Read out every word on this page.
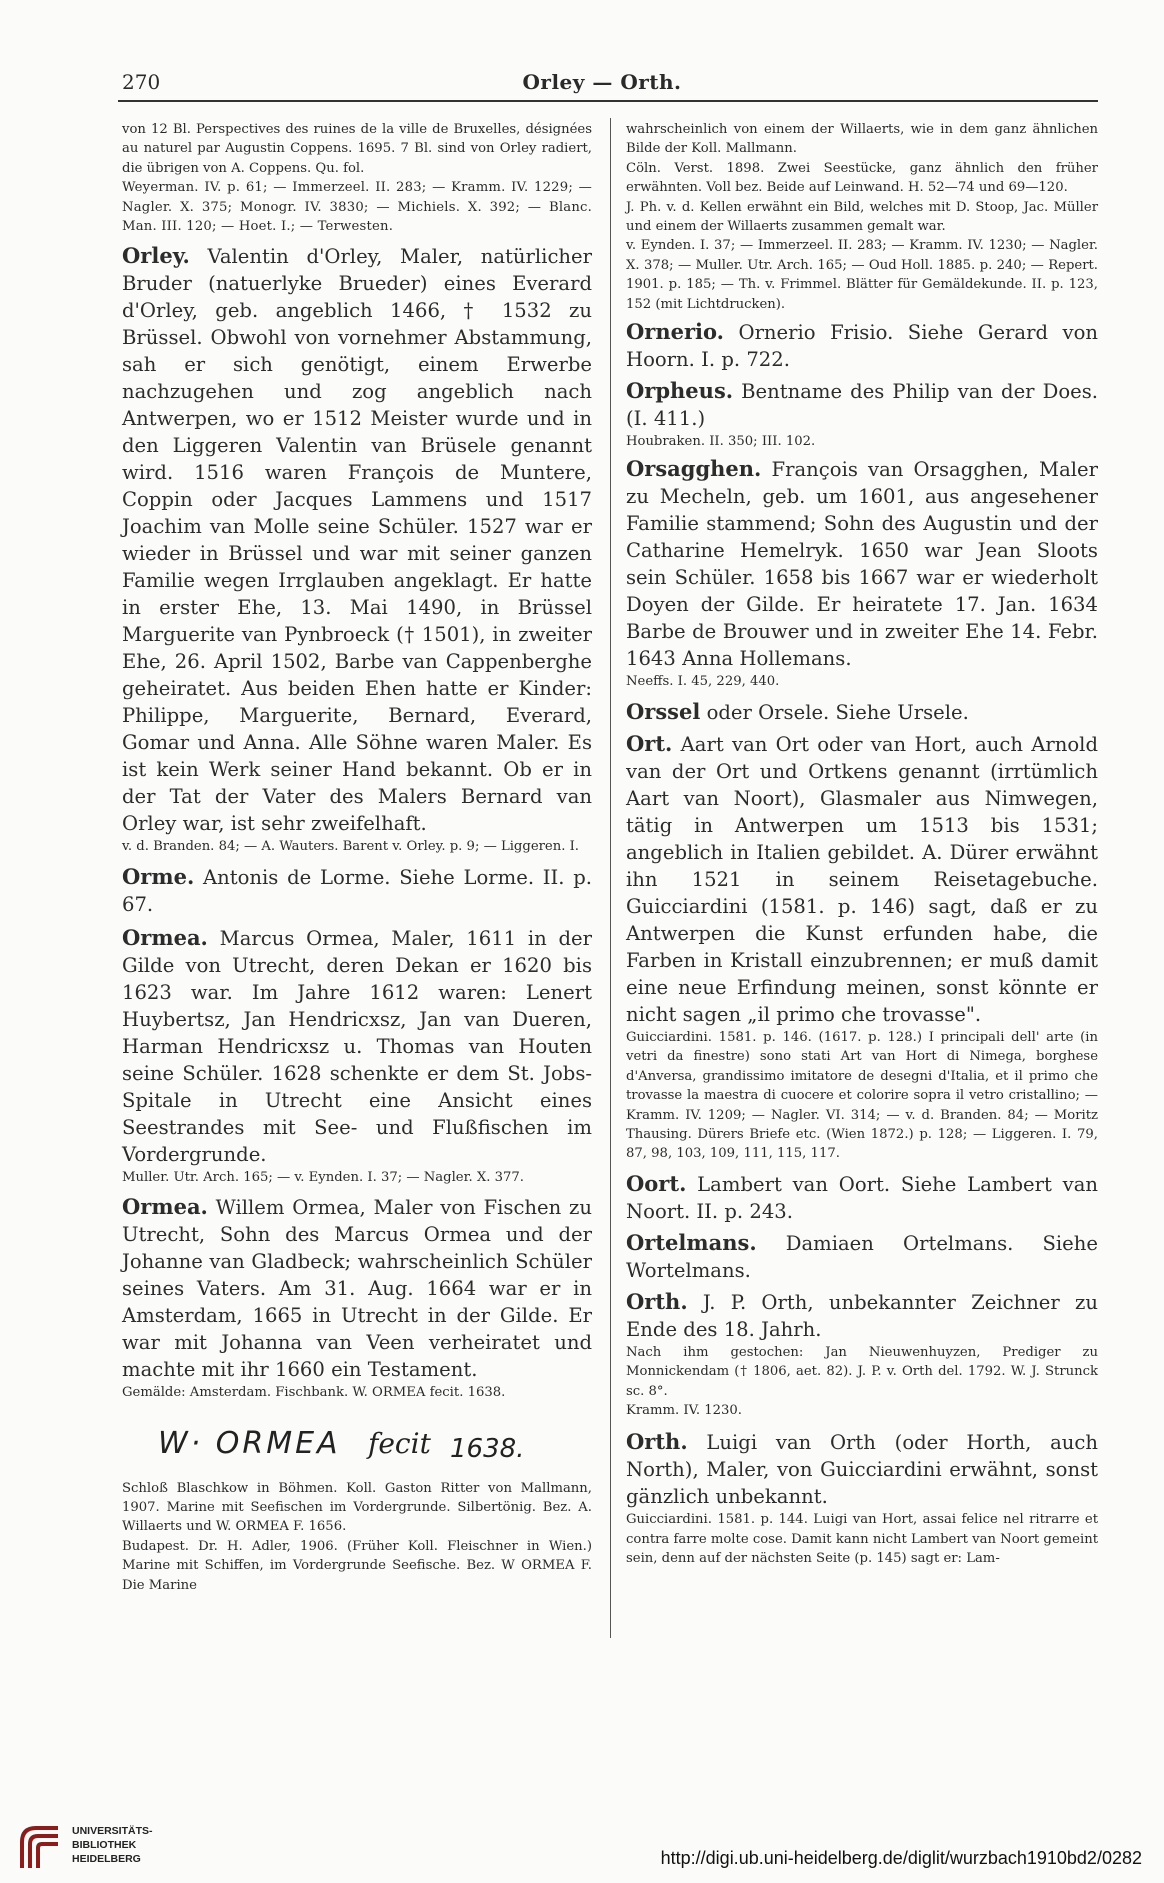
270	Orley — Orth.

von 12 Bl. Perspectives des ruines de la ville de Bruxelles, désignées au naturel par Augustin Coppens. 1695. 7 Bl. sind von Orley radiert, die übrigen von A. Coppens. Qu. fol.

Weyerman. IV. p. 61; — Immerzeel. II. 283; — Kramm. IV. 1229; — Nagler. X. 375; Monogr. IV. 3830; — Michiels. X. 392; — Blanc. Man. III. 120; — Hoet. I.; — Terwesten.

Orley. Valentin d'Orley, Maler, natürlicher Bruder (natuerlyke Brueder) eines Everard d'Orley, geb. angeblich 1466, † 1532 zu Brüssel. Obwohl von vornehmer Abstammung, sah er sich genötigt, einem Erwerbe nachzugehen und zog angeblich nach Antwerpen, wo er 1512 Meister wurde und in den Liggeren Valentin van Brüsele genannt wird. 1516 waren François de Muntere, Coppin oder Jacques Lammens und 1517 Joachim van Molle seine Schüler. 1527 war er wieder in Brüssel und war mit seiner ganzen Familie wegen Irrglauben angeklagt. Er hatte in erster Ehe, 13. Mai 1490, in Brüssel Marguerite van Pynbroeck († 1501), in zweiter Ehe, 26. April 1502, Barbe van Cappenberghe geheiratet. Aus beiden Ehen hatte er Kinder: Philippe, Marguerite, Bernard, Everard, Gomar und Anna. Alle Söhne waren Maler. Es ist kein Werk seiner Hand bekannt. Ob er in der Tat der Vater des Malers Bernard van Orley war, ist sehr zweifelhaft.

v. d. Branden. 84; — A. Wauters. Barent v. Orley. p. 9; — Liggeren. I.

Orme. Antonis de Lorme. Siehe Lorme. II. p. 67.

Ormea. Marcus Ormea, Maler, 1611 in der Gilde von Utrecht, deren Dekan er 1620 bis 1623 war. Im Jahre 1612 waren: Lenert Huybertsz, Jan Hendricxsz, Jan van Dueren, Harman Hendricxsz u. Thomas van Houten seine Schüler. 1628 schenkte er dem St. Jobs-Spitale in Utrecht eine Ansicht eines Seestrandes mit See- und Flußfischen im Vordergrunde.

Muller. Utr. Arch. 165; — v. Eynden. I. 37; — Nagler. X. 377.

Ormea. Willem Ormea, Maler von Fischen zu Utrecht, Sohn des Marcus Ormea und der Johanne van Gladbeck; wahrscheinlich Schüler seines Vaters. Am 31. Aug. 1664 war er in Amsterdam, 1665 in Utrecht in der Gilde. Er war mit Johanna van Veen verheiratet und machte mit ihr 1660 ein Testament.

Gemälde: Amsterdam. Fischbank. W. ORMEA fecit. 1638.

W· ORMEA fecit 1638.

Schloß Blaschkow in Böhmen. Koll. Gaston Ritter von Mallmann, 1907. Marine mit Seefischen im Vordergrunde. Silbertönig. Bez. A. Willaerts und W. ORMEA F. 1656.

Budapest. Dr. H. Adler, 1906. (Früher Koll. Fleischner in Wien.) Marine mit Schiffen, im Vordergrunde Seefische. Bez. W ORMEA F. Die Marine

wahrscheinlich von einem der Willaerts, wie in dem ganz ähnlichen Bilde der Koll. Mallmann.

Cöln. Verst. 1898. Zwei Seestücke, ganz ähnlich den früher erwähnten. Voll bez. Beide auf Leinwand. H. 52—74 und 69—120.

J. Ph. v. d. Kellen erwähnt ein Bild, welches mit D. Stoop, Jac. Müller und einem der Willaerts zusammen gemalt war.

v. Eynden. I. 37; — Immerzeel. II. 283; — Kramm. IV. 1230; — Nagler. X. 378; — Muller. Utr. Arch. 165; — Oud Holl. 1885. p. 240; — Repert. 1901. p. 185; — Th. v. Frimmel. Blätter für Gemäldekunde. II. p. 123, 152 (mit Lichtdrucken).

Ornerio. Ornerio Frisio. Siehe Gerard von Hoorn. I. p. 722.

Orpheus. Bentname des Philip van der Does. (I. 411.)

Houbraken. II. 350; III. 102.

Orsagghen. François van Orsagghen, Maler zu Mecheln, geb. um 1601, aus angesehener Familie stammend; Sohn des Augustin und der Catharine Hemelryk. 1650 war Jean Sloots sein Schüler. 1658 bis 1667 war er wiederholt Doyen der Gilde. Er heiratete 17. Jan. 1634 Barbe de Brouwer und in zweiter Ehe 14. Febr. 1643 Anna Hollemans.

Neeffs. I. 45, 229, 440.

Orssel oder Orsele. Siehe Ursele.

Ort. Aart van Ort oder van Hort, auch Arnold van der Ort und Ortkens genannt (irrtümlich Aart van Noort), Glasmaler aus Nimwegen, tätig in Antwerpen um 1513 bis 1531; angeblich in Italien gebildet. A. Dürer erwähnt ihn 1521 in seinem Reisetagebuche. Guicciardini (1581. p. 146) sagt, daß er zu Antwerpen die Kunst erfunden habe, die Farben in Kristall einzubrennen; er muß damit eine neue Erfindung meinen, sonst könnte er nicht sagen „il primo che trovasse".

Guicciardini. 1581. p. 146. (1617. p. 128.) I principali dell' arte (in vetri da finestre) sono stati Art van Hort di Nimega, borghese d'Anversa, grandissimo imitatore de desegni d'Italia, et il primo che trovasse la maestra di cuocere et colorire sopra il vetro cristallino; — Kramm. IV. 1209; — Nagler. VI. 314; — v. d. Branden. 84; — Moritz Thausing. Dürers Briefe etc. (Wien 1872.) p. 128; — Liggeren. I. 79, 87, 98, 103, 109, 111, 115, 117.

Oort. Lambert van Oort. Siehe Lambert van Noort. II. p. 243.

Ortelmans. Damiaen Ortelmans. Siehe Wortelmans.

Orth. J. P. Orth, unbekannter Zeichner zu Ende des 18. Jahrh.

Nach ihm gestochen: Jan Nieuwenhuyzen, Prediger zu Monnickendam († 1806, aet. 82). J. P. v. Orth del. 1792. W. J. Strunck sc. 8°.

Kramm. IV. 1230.

Orth. Luigi van Orth (oder Horth, auch North), Maler, von Guicciardini erwähnt, sonst gänzlich unbekannt.

Guicciardini. 1581. p. 144. Luigi van Hort, assai felice nel ritrarre et contra farre molte cose. Damit kann nicht Lambert van Noort gemeint sein, denn auf der nächsten Seite (p. 145) sagt er: Lam-

UNIVERSITÄTS-
BIBLIOTHEK
HEIDELBERG	http://digi.ub.uni-heidelberg.de/diglit/wurzbach1910bd2/0282
